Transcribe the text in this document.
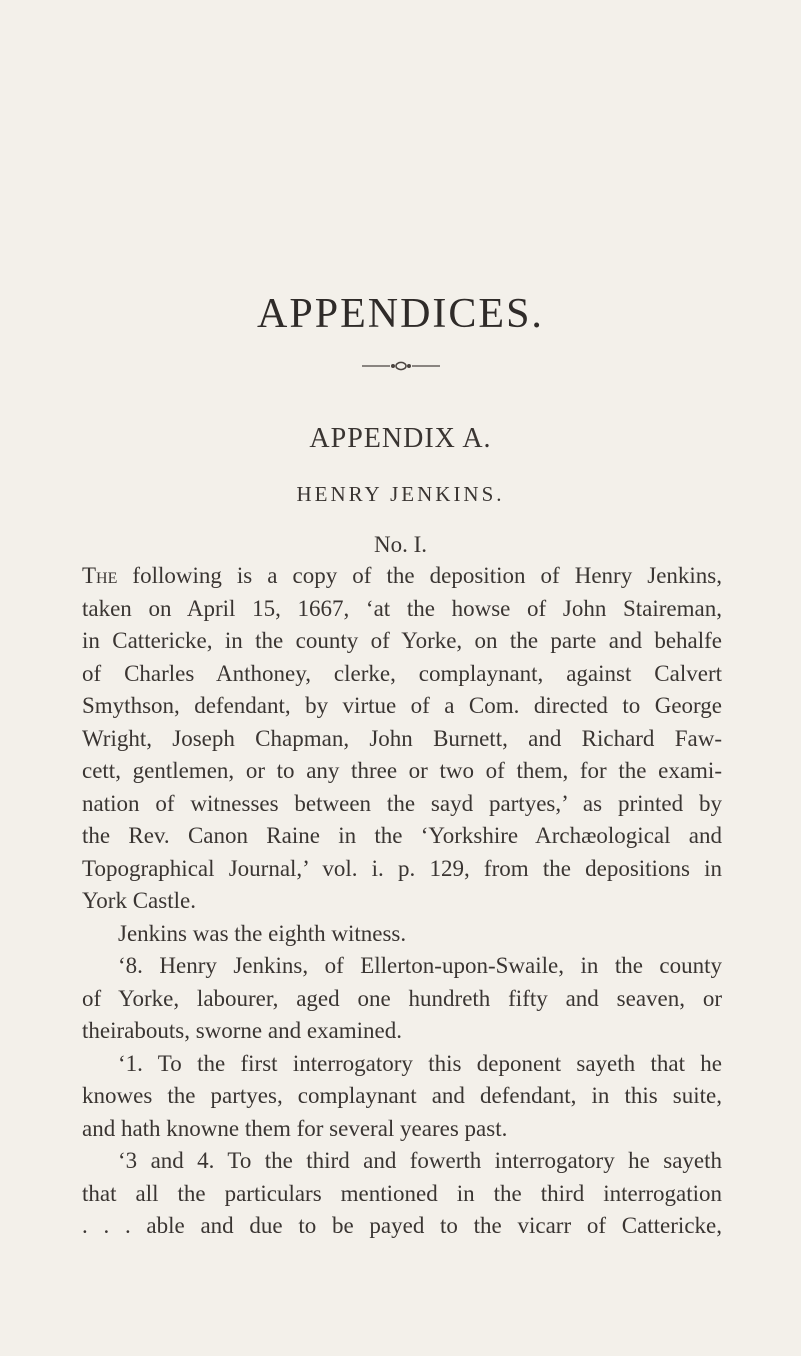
APPENDICES.
APPENDIX A.
HENRY JENKINS.
No. I.
The following is a copy of the deposition of Henry Jenkins,
taken on April 15, 1667, ‘at the howse of John Staireman,
in Cattericke, in the county of Yorke, on the parte and behalfe
of Charles Anthoney, clerke, complaynant, against Calvert
Smythson, defendant, by virtue of a Com. directed to George
Wright, Joseph Chapman, John Burnett, and Richard Faw-
cett, gentlemen, or to any three or two of them, for the exami-
nation of witnesses between the sayd partyes,’ as printed by
the Rev. Canon Raine in the ‘Yorkshire Archæological and
Topographical Journal,’ vol. i. p. 129, from the depositions in
York Castle.
Jenkins was the eighth witness.
‘8. Henry Jenkins, of Ellerton-upon-Swaile, in the county
of Yorke, labourer, aged one hundreth fifty and seaven, or
theirabouts, sworne and examined.
‘1. To the first interrogatory this deponent sayeth that he
knowes the partyes, complaynant and defendant, in this suite,
and hath knowne them for several yeares past.
‘3 and 4. To the third and fowerth interrogatory he sayeth
that all the particulars mentioned in the third interrogation
. . . able and due to be payed to the vicarr of Cattericke,
